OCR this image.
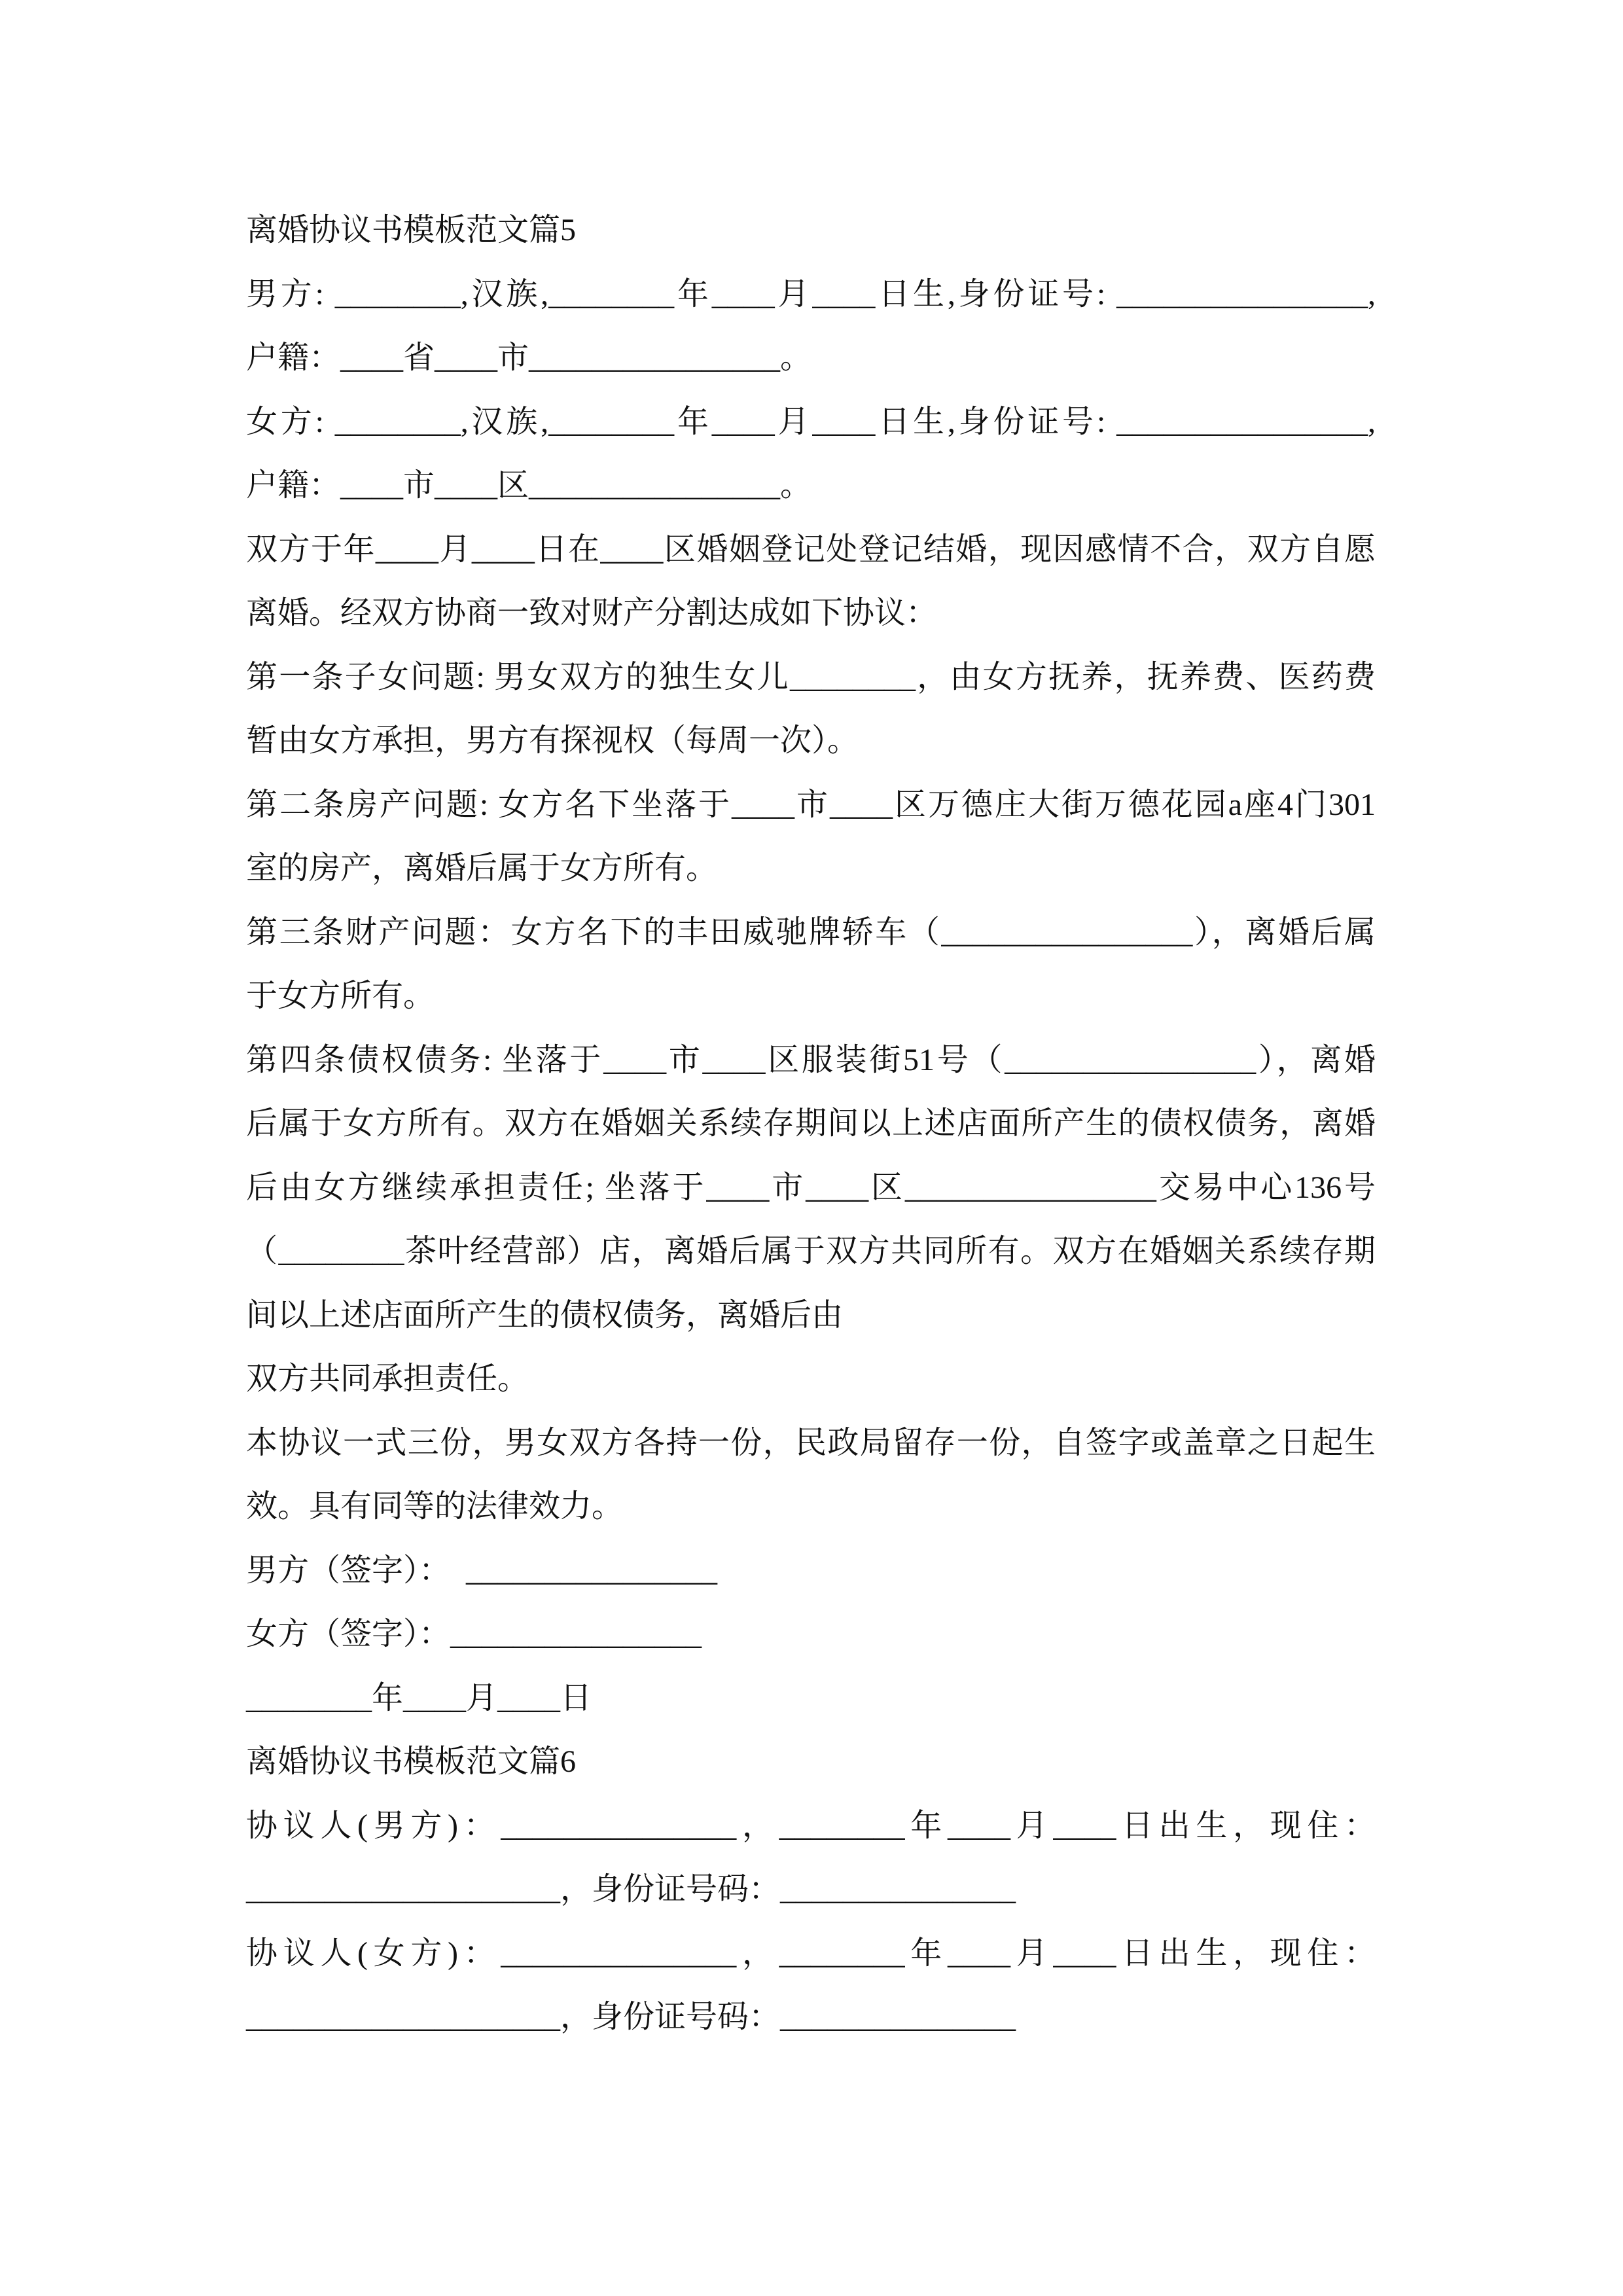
离婚协议书模板范文篇5
男方: ________,汉族,________年____月____日生,身份证号: ________________,
户籍：____省____市________________。
女方: ________,汉族,________年____月____日生,身份证号: ________________,
户籍：____市____区________________。
双方于年____月____日在____区婚姻登记处登记结婚，现因感情不合，双方自愿
离婚。经双方协商一致对财产分割达成如下协议：
第一条子女问题: 男女双方的独生女儿________，由女方抚养，抚养费、医药费
暂由女方承担，男方有探视权（每周一次）。
第二条房产问题: 女方名下坐落于____市____区万德庄大街万德花园a座4门301
室的房产，离婚后属于女方所有。
第三条财产问题：女方名下的丰田威驰牌轿车（________________），离婚后属
于女方所有。
第四条债权债务: 坐落于____市____区服装街51号（________________），离婚
后属于女方所有。双方在婚姻关系续存期间以上述店面所产生的债权债务，离婚
后由女方继续承担责任; 坐落于____市____区________________交易中心136号
（________茶叶经营部）店，离婚后属于双方共同所有。双方在婚姻关系续存期
间以上述店面所产生的债权债务，离婚后由
双方共同承担责任。
本协议一式三份，男女双方各持一份，民政局留存一份，自签字或盖章之日起生
效。具有同等的法律效力。
男方（签字）：  ________________
女方（签字）：________________
________年____月____日
离婚协议书模板范文篇6
协议人(男方)：_______________，________年____月____日出生，现住：
____________________，身份证号码：_______________
协议人(女方)：_______________，________年____月____日出生，现住：
____________________，身份证号码：_______________
